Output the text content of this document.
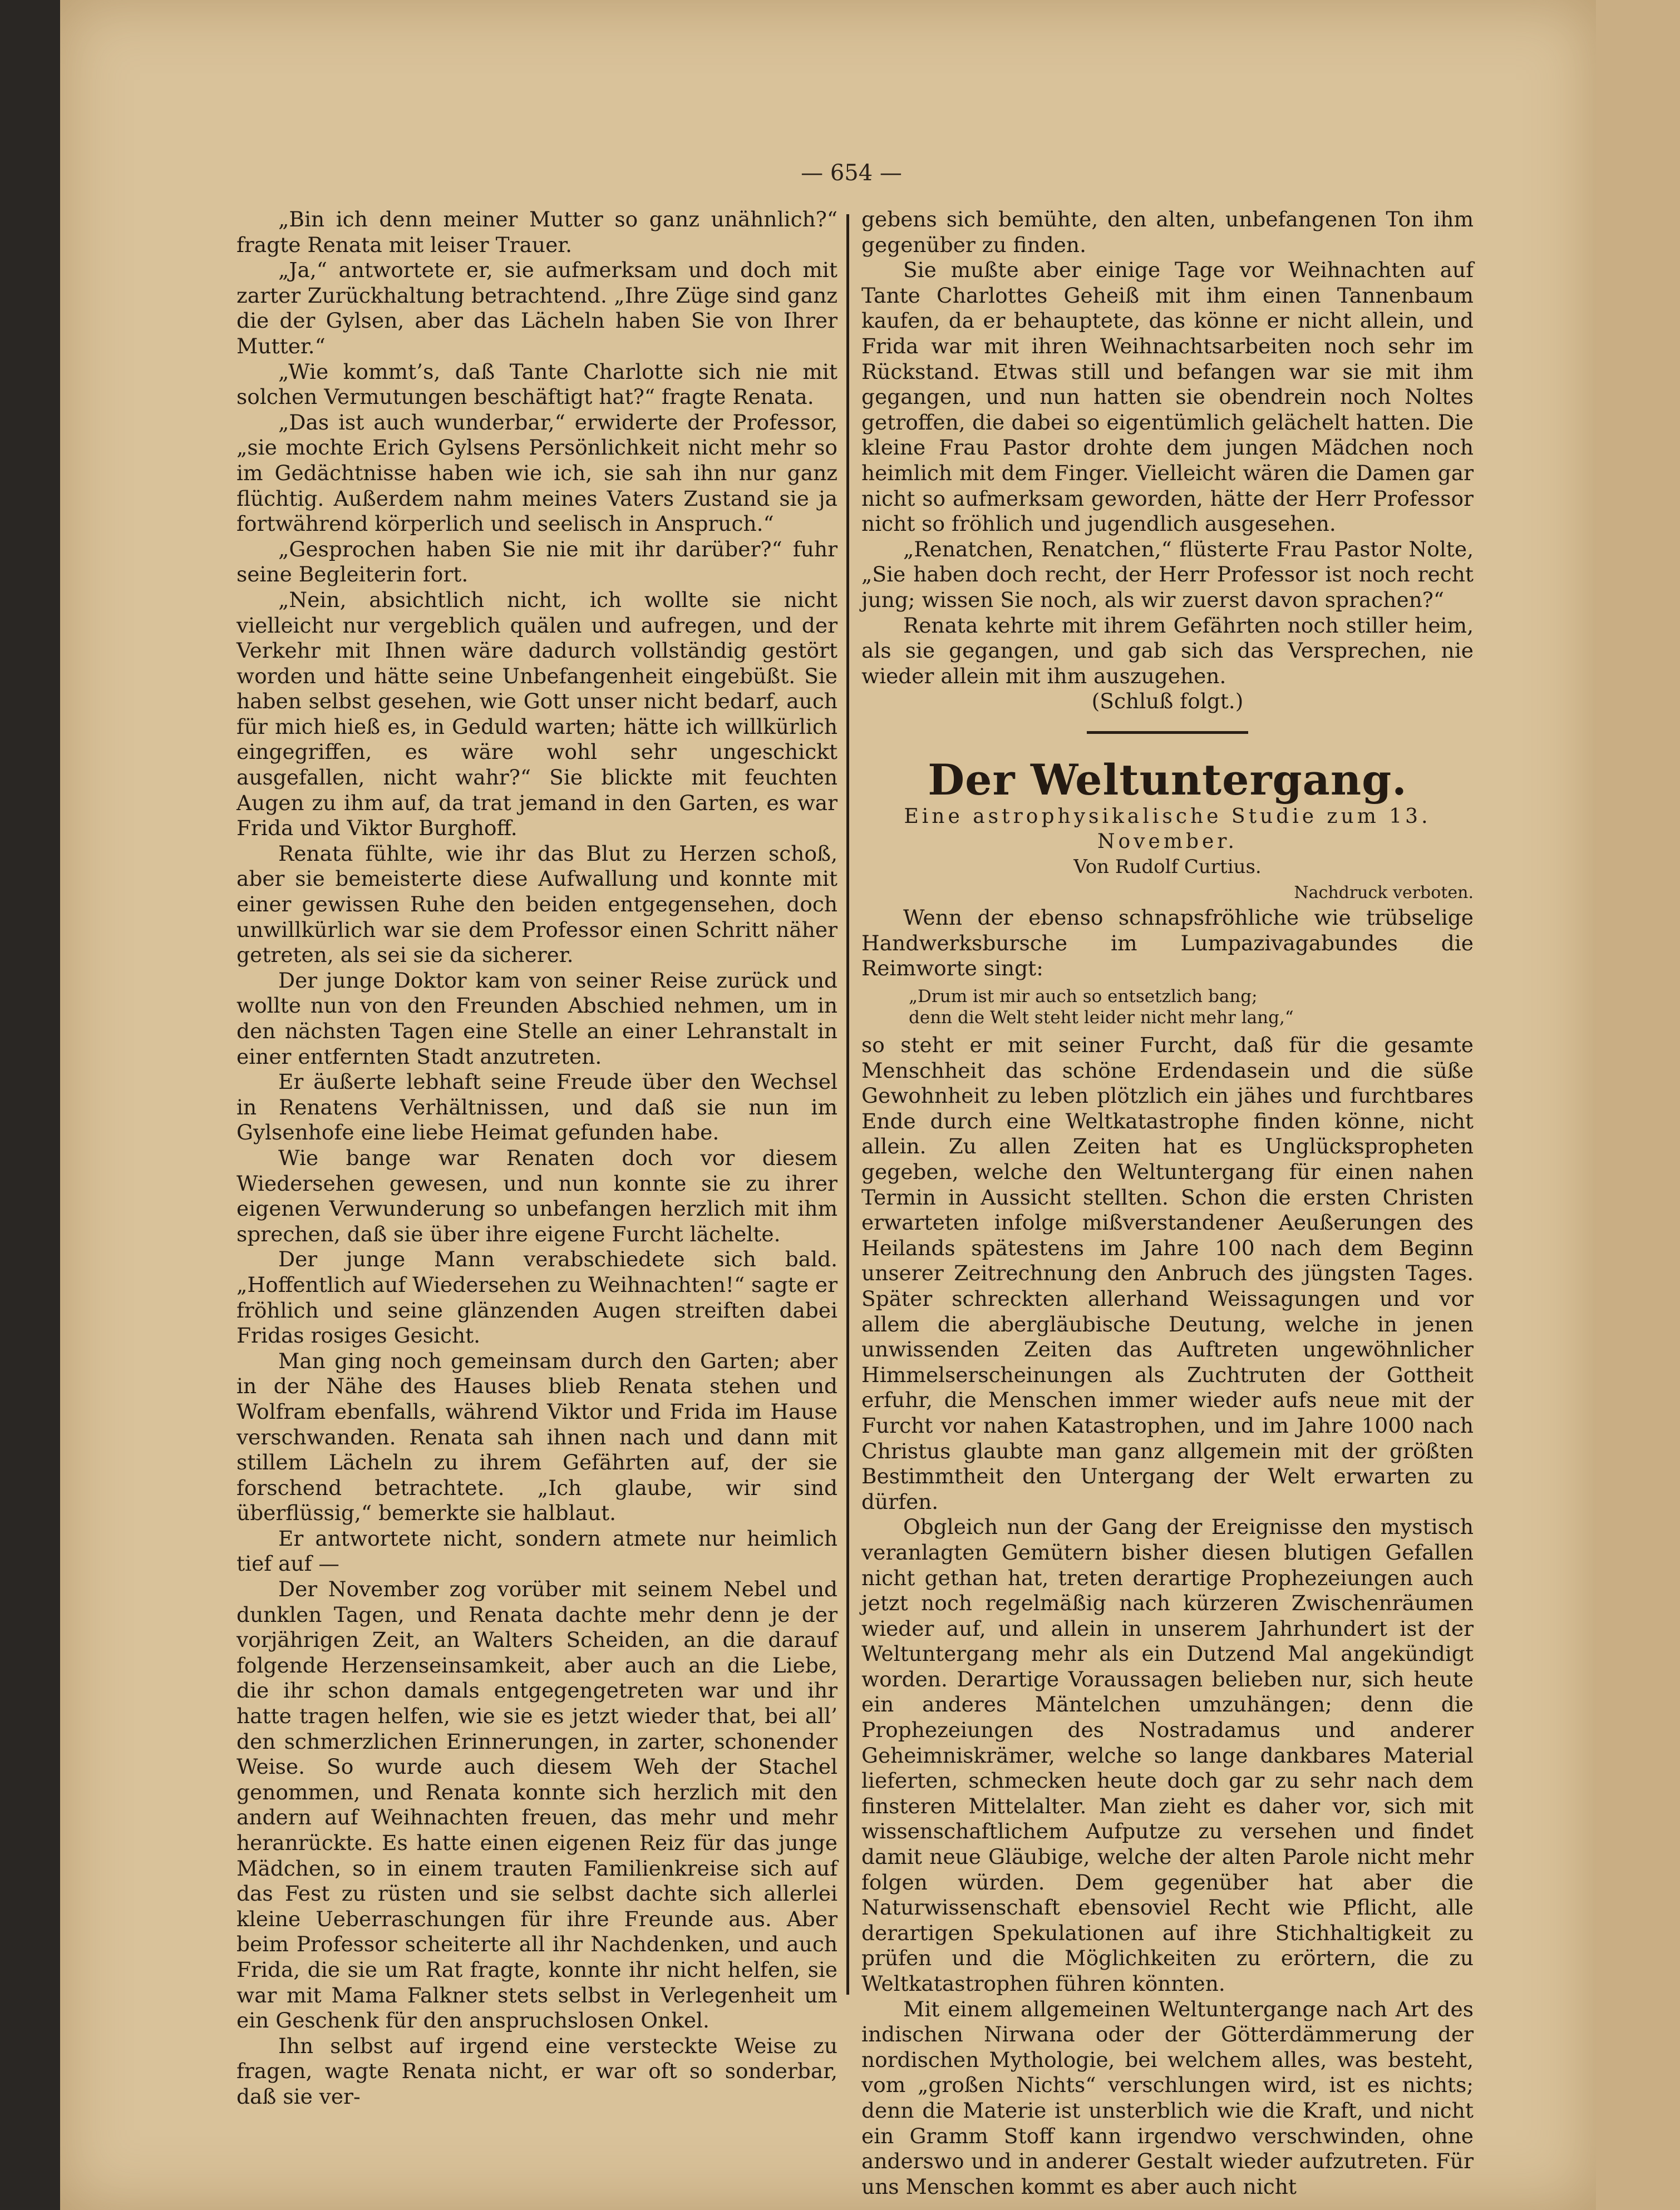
— 654 —

„Bin ich denn meiner Mutter so ganz unähnlich?“ fragte Renata mit leiser Trauer.

„Ja,“ antwortete er, sie aufmerksam und doch mit zarter Zurückhaltung betrachtend. „Ihre Züge sind ganz die der Gylsen, aber das Lächeln haben Sie von Ihrer Mutter.“

„Wie kommt’s, daß Tante Charlotte sich nie mit solchen Vermutungen beschäftigt hat?“ fragte Renata.

„Das ist auch wunderbar,“ erwiderte der Professor, „sie mochte Erich Gylsens Persönlichkeit nicht mehr so im Gedächtnisse haben wie ich, sie sah ihn nur ganz flüchtig. Außerdem nahm meines Vaters Zustand sie ja fortwährend körperlich und seelisch in Anspruch.“

„Gesprochen haben Sie nie mit ihr darüber?“ fuhr seine Begleiterin fort.

„Nein, absichtlich nicht, ich wollte sie nicht vielleicht nur vergeblich quälen und aufregen, und der Verkehr mit Ihnen wäre dadurch vollständig gestört worden und hätte seine Unbefangenheit eingebüßt. Sie haben selbst gesehen, wie Gott unser nicht bedarf, auch für mich hieß es, in Geduld warten; hätte ich willkürlich eingegriffen, es wäre wohl sehr ungeschickt ausgefallen, nicht wahr?“ Sie blickte mit feuchten Augen zu ihm auf, da trat jemand in den Garten, es war Frida und Viktor Burghoff.

Renata fühlte, wie ihr das Blut zu Herzen schoß, aber sie bemeisterte diese Aufwallung und konnte mit einer gewissen Ruhe den beiden entgegensehen, doch unwillkürlich war sie dem Professor einen Schritt näher getreten, als sei sie da sicherer.

Der junge Doktor kam von seiner Reise zurück und wollte nun von den Freunden Abschied nehmen, um in den nächsten Tagen eine Stelle an einer Lehranstalt in einer entfernten Stadt anzutreten.

Er äußerte lebhaft seine Freude über den Wechsel in Renatens Verhältnissen, und daß sie nun im Gylsenhofe eine liebe Heimat gefunden habe.

Wie bange war Renaten doch vor diesem Wiedersehen gewesen, und nun konnte sie zu ihrer eigenen Verwunderung so unbefangen herzlich mit ihm sprechen, daß sie über ihre eigene Furcht lächelte.

Der junge Mann verabschiedete sich bald. „Hoffentlich auf Wiedersehen zu Weihnachten!“ sagte er fröhlich und seine glänzenden Augen streiften dabei Fridas rosiges Gesicht.

Man ging noch gemeinsam durch den Garten; aber in der Nähe des Hauses blieb Renata stehen und Wolfram ebenfalls, während Viktor und Frida im Hause verschwanden. Renata sah ihnen nach und dann mit stillem Lächeln zu ihrem Gefährten auf, der sie forschend betrachtete. „Ich glaube, wir sind überflüssig,“ bemerkte sie halblaut.

Er antwortete nicht, sondern atmete nur heimlich tief auf —

Der November zog vorüber mit seinem Nebel und dunklen Tagen, und Renata dachte mehr denn je der vorjährigen Zeit, an Walters Scheiden, an die darauf folgende Herzenseinsamkeit, aber auch an die Liebe, die ihr schon damals entgegengetreten war und ihr hatte tragen helfen, wie sie es jetzt wieder that, bei all’ den schmerzlichen Erinnerungen, in zarter, schonender Weise. So wurde auch diesem Weh der Stachel genommen, und Renata konnte sich herzlich mit den andern auf Weihnachten freuen, das mehr und mehr heranrückte. Es hatte einen eigenen Reiz für das junge Mädchen, so in einem trauten Familienkreise sich auf das Fest zu rüsten und sie selbst dachte sich allerlei kleine Ueberraschungen für ihre Freunde aus. Aber beim Professor scheiterte all ihr Nachdenken, und auch Frida, die sie um Rat fragte, konnte ihr nicht helfen, sie war mit Mama Falkner stets selbst in Verlegenheit um ein Geschenk für den anspruchslosen Onkel.

Ihn selbst auf irgend eine versteckte Weise zu fragen, wagte Renata nicht, er war oft so sonderbar, daß sie ver-

gebens sich bemühte, den alten, unbefangenen Ton ihm gegenüber zu finden.

Sie mußte aber einige Tage vor Weihnachten auf Tante Charlottes Geheiß mit ihm einen Tannenbaum kaufen, da er behauptete, das könne er nicht allein, und Frida war mit ihren Weihnachtsarbeiten noch sehr im Rückstand. Etwas still und befangen war sie mit ihm gegangen, und nun hatten sie obendrein noch Noltes getroffen, die dabei so eigentümlich gelächelt hatten. Die kleine Frau Pastor drohte dem jungen Mädchen noch heimlich mit dem Finger. Vielleicht wären die Damen gar nicht so aufmerksam geworden, hätte der Herr Professor nicht so fröhlich und jugendlich ausgesehen.

„Renatchen, Renatchen,“ flüsterte Frau Pastor Nolte, „Sie haben doch recht, der Herr Professor ist noch recht jung; wissen Sie noch, als wir zuerst davon sprachen?“

Renata kehrte mit ihrem Gefährten noch stiller heim, als sie gegangen, und gab sich das Versprechen, nie wieder allein mit ihm auszugehen.

(Schluß folgt.)

Der Weltuntergang.

Eine astrophysikalische Studie zum 13. November.

Von Rudolf Curtius.

Nachdruck verboten.

Wenn der ebenso schnapsfröhliche wie trübselige Handwerksbursche im Lumpazivagabundes die Reimworte singt:

„Drum ist mir auch so entsetzlich bang;
denn die Welt steht leider nicht mehr lang,“

so steht er mit seiner Furcht, daß für die gesamte Menschheit das schöne Erdendasein und die süße Gewohnheit zu leben plötzlich ein jähes und furchtbares Ende durch eine Weltkatastrophe finden könne, nicht allein. Zu allen Zeiten hat es Unglückspropheten gegeben, welche den Weltuntergang für einen nahen Termin in Aussicht stellten. Schon die ersten Christen erwarteten infolge mißverstandener Aeußerungen des Heilands spätestens im Jahre 100 nach dem Beginn unserer Zeitrechnung den Anbruch des jüngsten Tages. Später schreckten allerhand Weissagungen und vor allem die abergläubische Deutung, welche in jenen unwissenden Zeiten das Auftreten ungewöhnlicher Himmelserscheinungen als Zuchtruten der Gottheit erfuhr, die Menschen immer wieder aufs neue mit der Furcht vor nahen Katastrophen, und im Jahre 1000 nach Christus glaubte man ganz allgemein mit der größten Bestimmtheit den Untergang der Welt erwarten zu dürfen.

Obgleich nun der Gang der Ereignisse den mystisch veranlagten Gemütern bisher diesen blutigen Gefallen nicht gethan hat, treten derartige Prophezeiungen auch jetzt noch regelmäßig nach kürzeren Zwischenräumen wieder auf, und allein in unserem Jahrhundert ist der Weltuntergang mehr als ein Dutzend Mal angekündigt worden. Derartige Voraussagen belieben nur, sich heute ein anderes Mäntelchen umzuhängen; denn die Prophezeiungen des Nostradamus und anderer Geheimniskrämer, welche so lange dankbares Material lieferten, schmecken heute doch gar zu sehr nach dem finsteren Mittelalter. Man zieht es daher vor, sich mit wissenschaftlichem Aufputze zu versehen und findet damit neue Gläubige, welche der alten Parole nicht mehr folgen würden. Dem gegenüber hat aber die Naturwissenschaft ebensoviel Recht wie Pflicht, alle derartigen Spekulationen auf ihre Stichhaltigkeit zu prüfen und die Möglichkeiten zu erörtern, die zu Weltkatastrophen führen könnten.

Mit einem allgemeinen Weltuntergange nach Art des indischen Nirwana oder der Götterdämmerung der nordischen Mythologie, bei welchem alles, was besteht, vom „großen Nichts“ verschlungen wird, ist es nichts; denn die Materie ist unsterblich wie die Kraft, und nicht ein Gramm Stoff kann irgendwo verschwinden, ohne anderswo und in anderer Gestalt wieder aufzutreten. Für uns Menschen kommt es aber auch nicht
